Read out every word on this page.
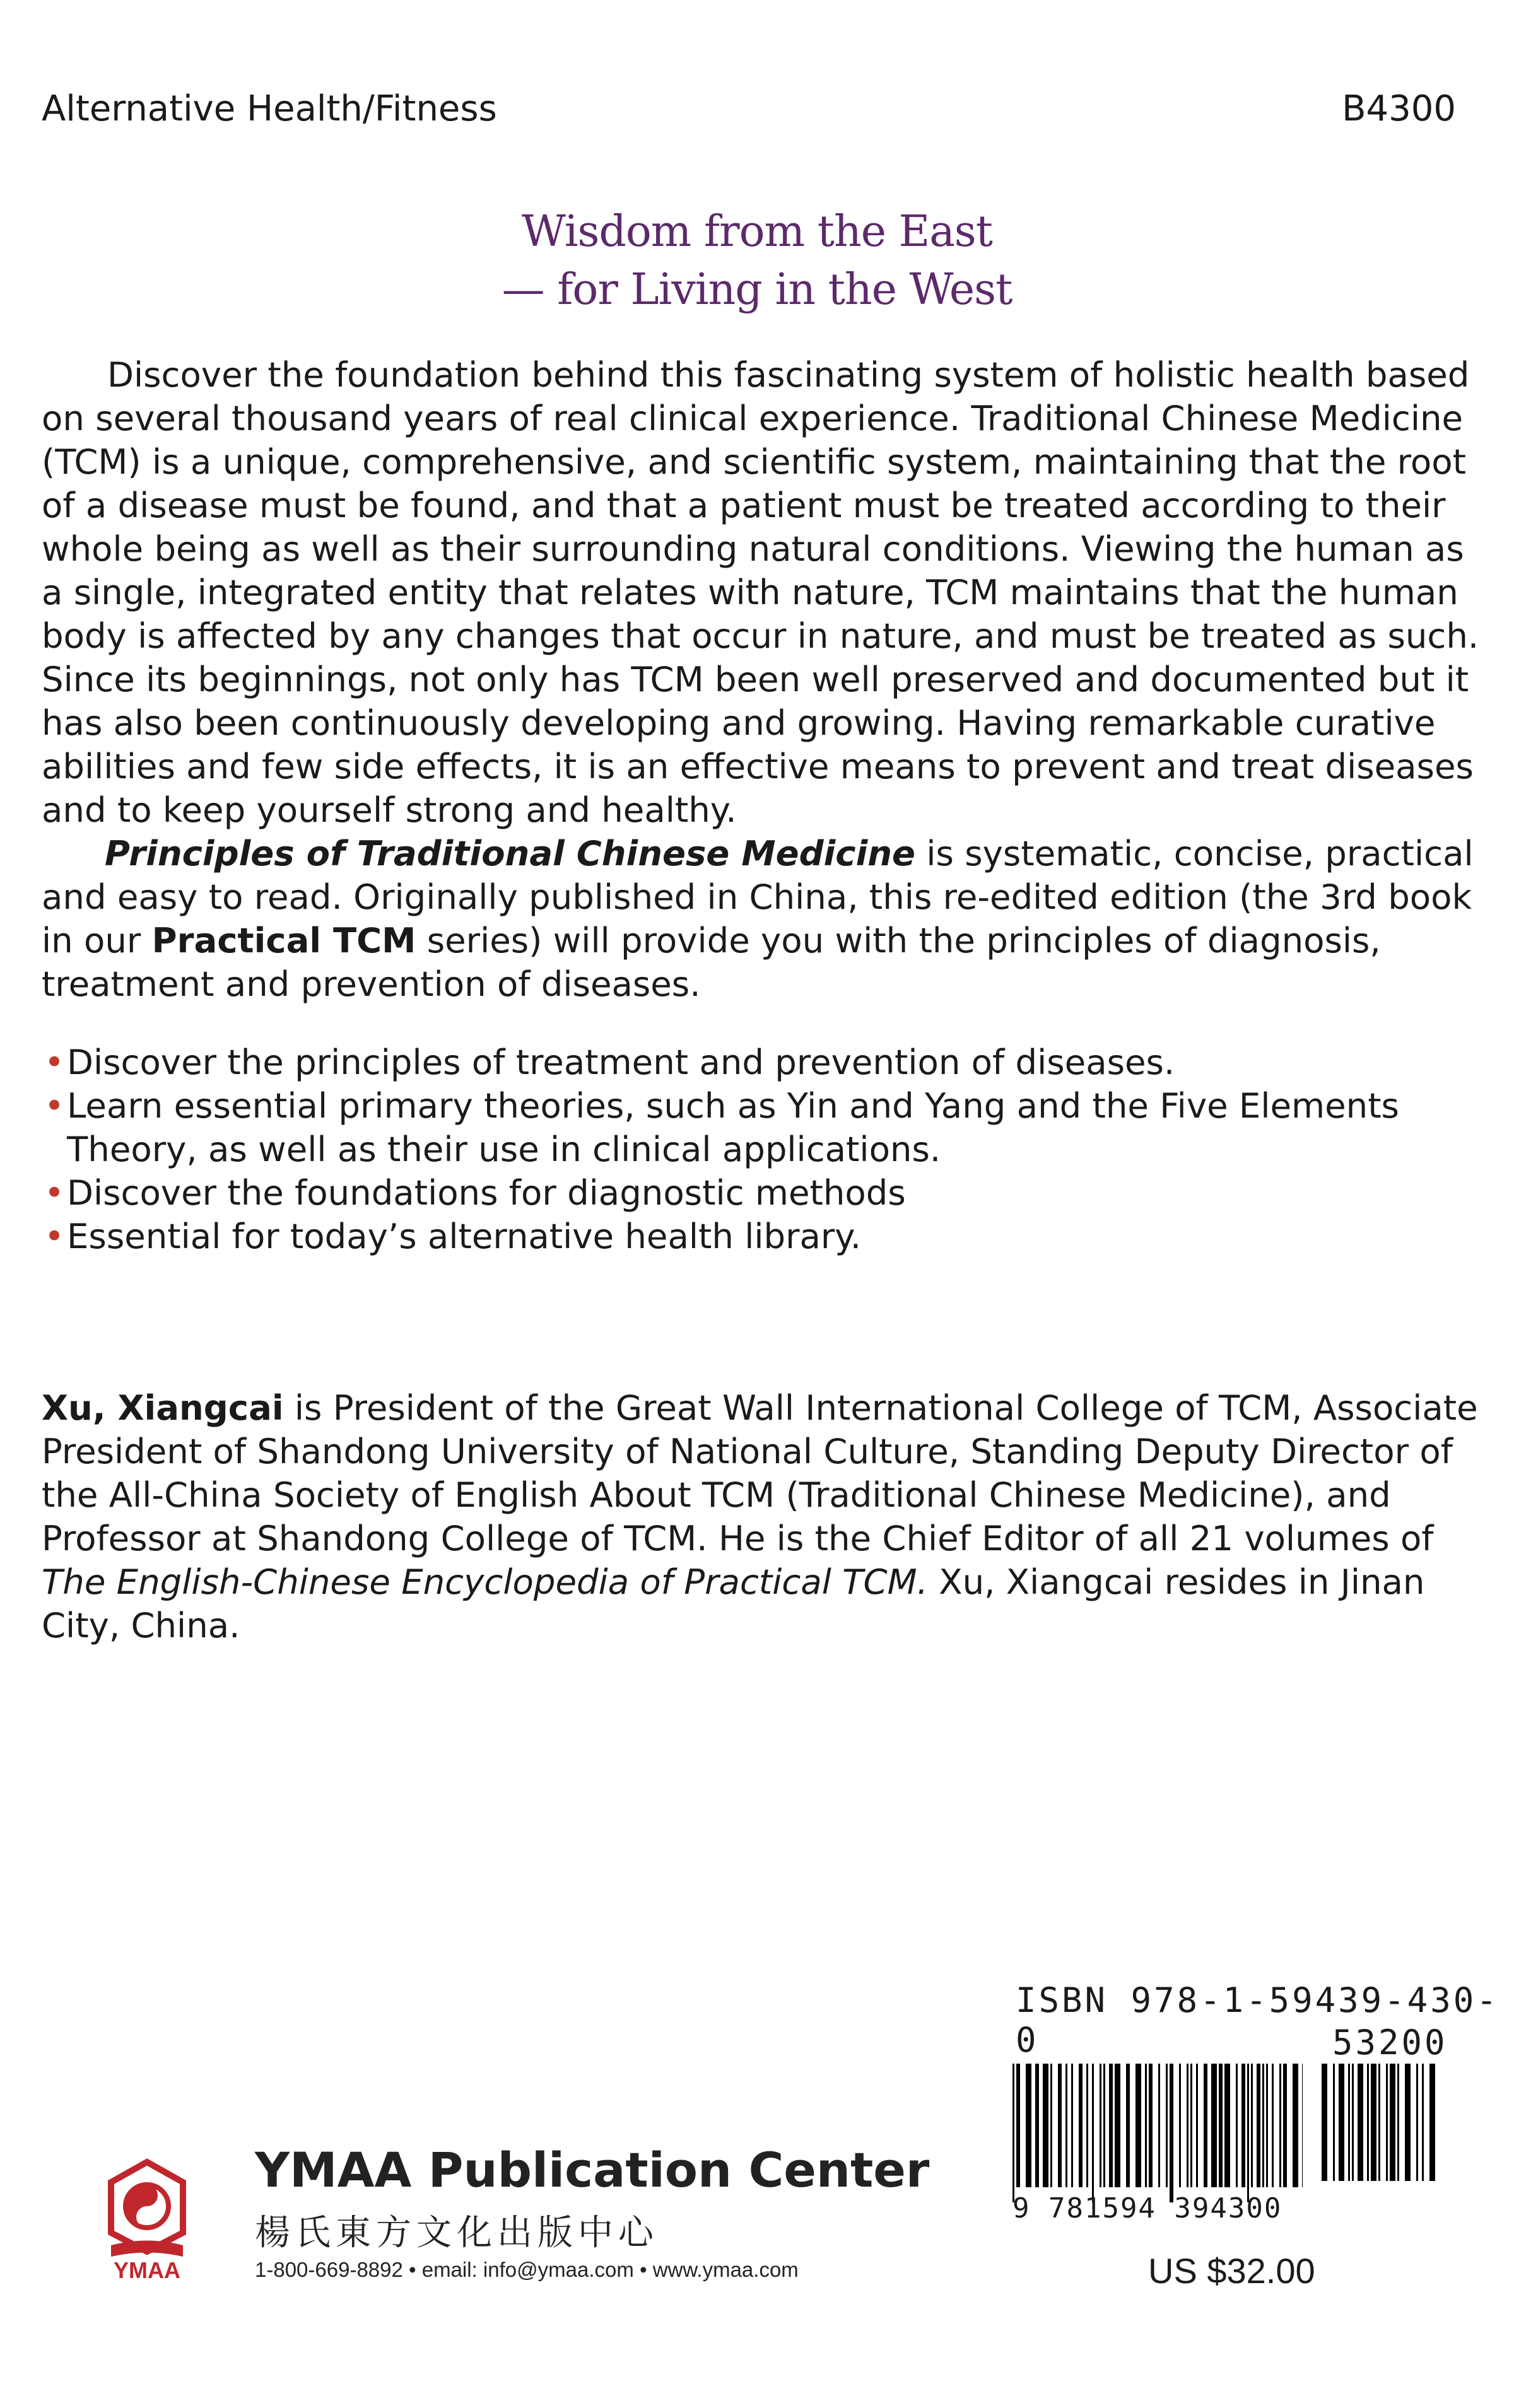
Alternative Health/Fitness	B4300
Wisdom from the East
— for Living in the West

Discover the foundation behind this fascinating system of holistic health based on several thousand years of real clinical experience. Traditional Chinese Medicine (TCM) is a unique, comprehensive, and scientific system, maintaining that the root of a disease must be found, and that a patient must be treated according to their whole being as well as their surrounding natural conditions. Viewing the human as a single, integrated entity that relates with nature, TCM maintains that the human body is affected by any changes that occur in nature, and must be treated as such. Since its beginnings, not only has TCM been well preserved and documented but it has also been continuously developing and growing. Having remarkable curative abilities and few side effects, it is an effective means to prevent and treat diseases and to keep yourself strong and healthy.

Principles of Traditional Chinese Medicine is systematic, concise, practical and easy to read. Originally published in China, this re-edited edition (the 3rd book in our Practical TCM series) will provide you with the principles of diagnosis, treatment and prevention of diseases.

• Discover the principles of treatment and prevention of diseases.
• Learn essential primary theories, such as Yin and Yang and the Five Elements Theory, as well as their use in clinical applications.
• Discover the foundations for diagnostic methods
• Essential for today’s alternative health library.

Xu, Xiangcai is President of the Great Wall International College of TCM, Associate President of Shandong University of National Culture, Standing Deputy Director of the All-China Society of English About TCM (Traditional Chinese Medicine), and Professor at Shandong College of TCM. He is the Chief Editor of all 21 volumes of The English-Chinese Encyclopedia of Practical TCM. Xu, Xiangcai resides in Jinan City, China.

ISBN 978-1-59439-430-0	53200
9 781594 394300
US $32.00
YMAA
YMAA Publication Center
楊氏東方文化出版中心
1-800-669-8892 • email: info@ymaa.com • www.ymaa.com
